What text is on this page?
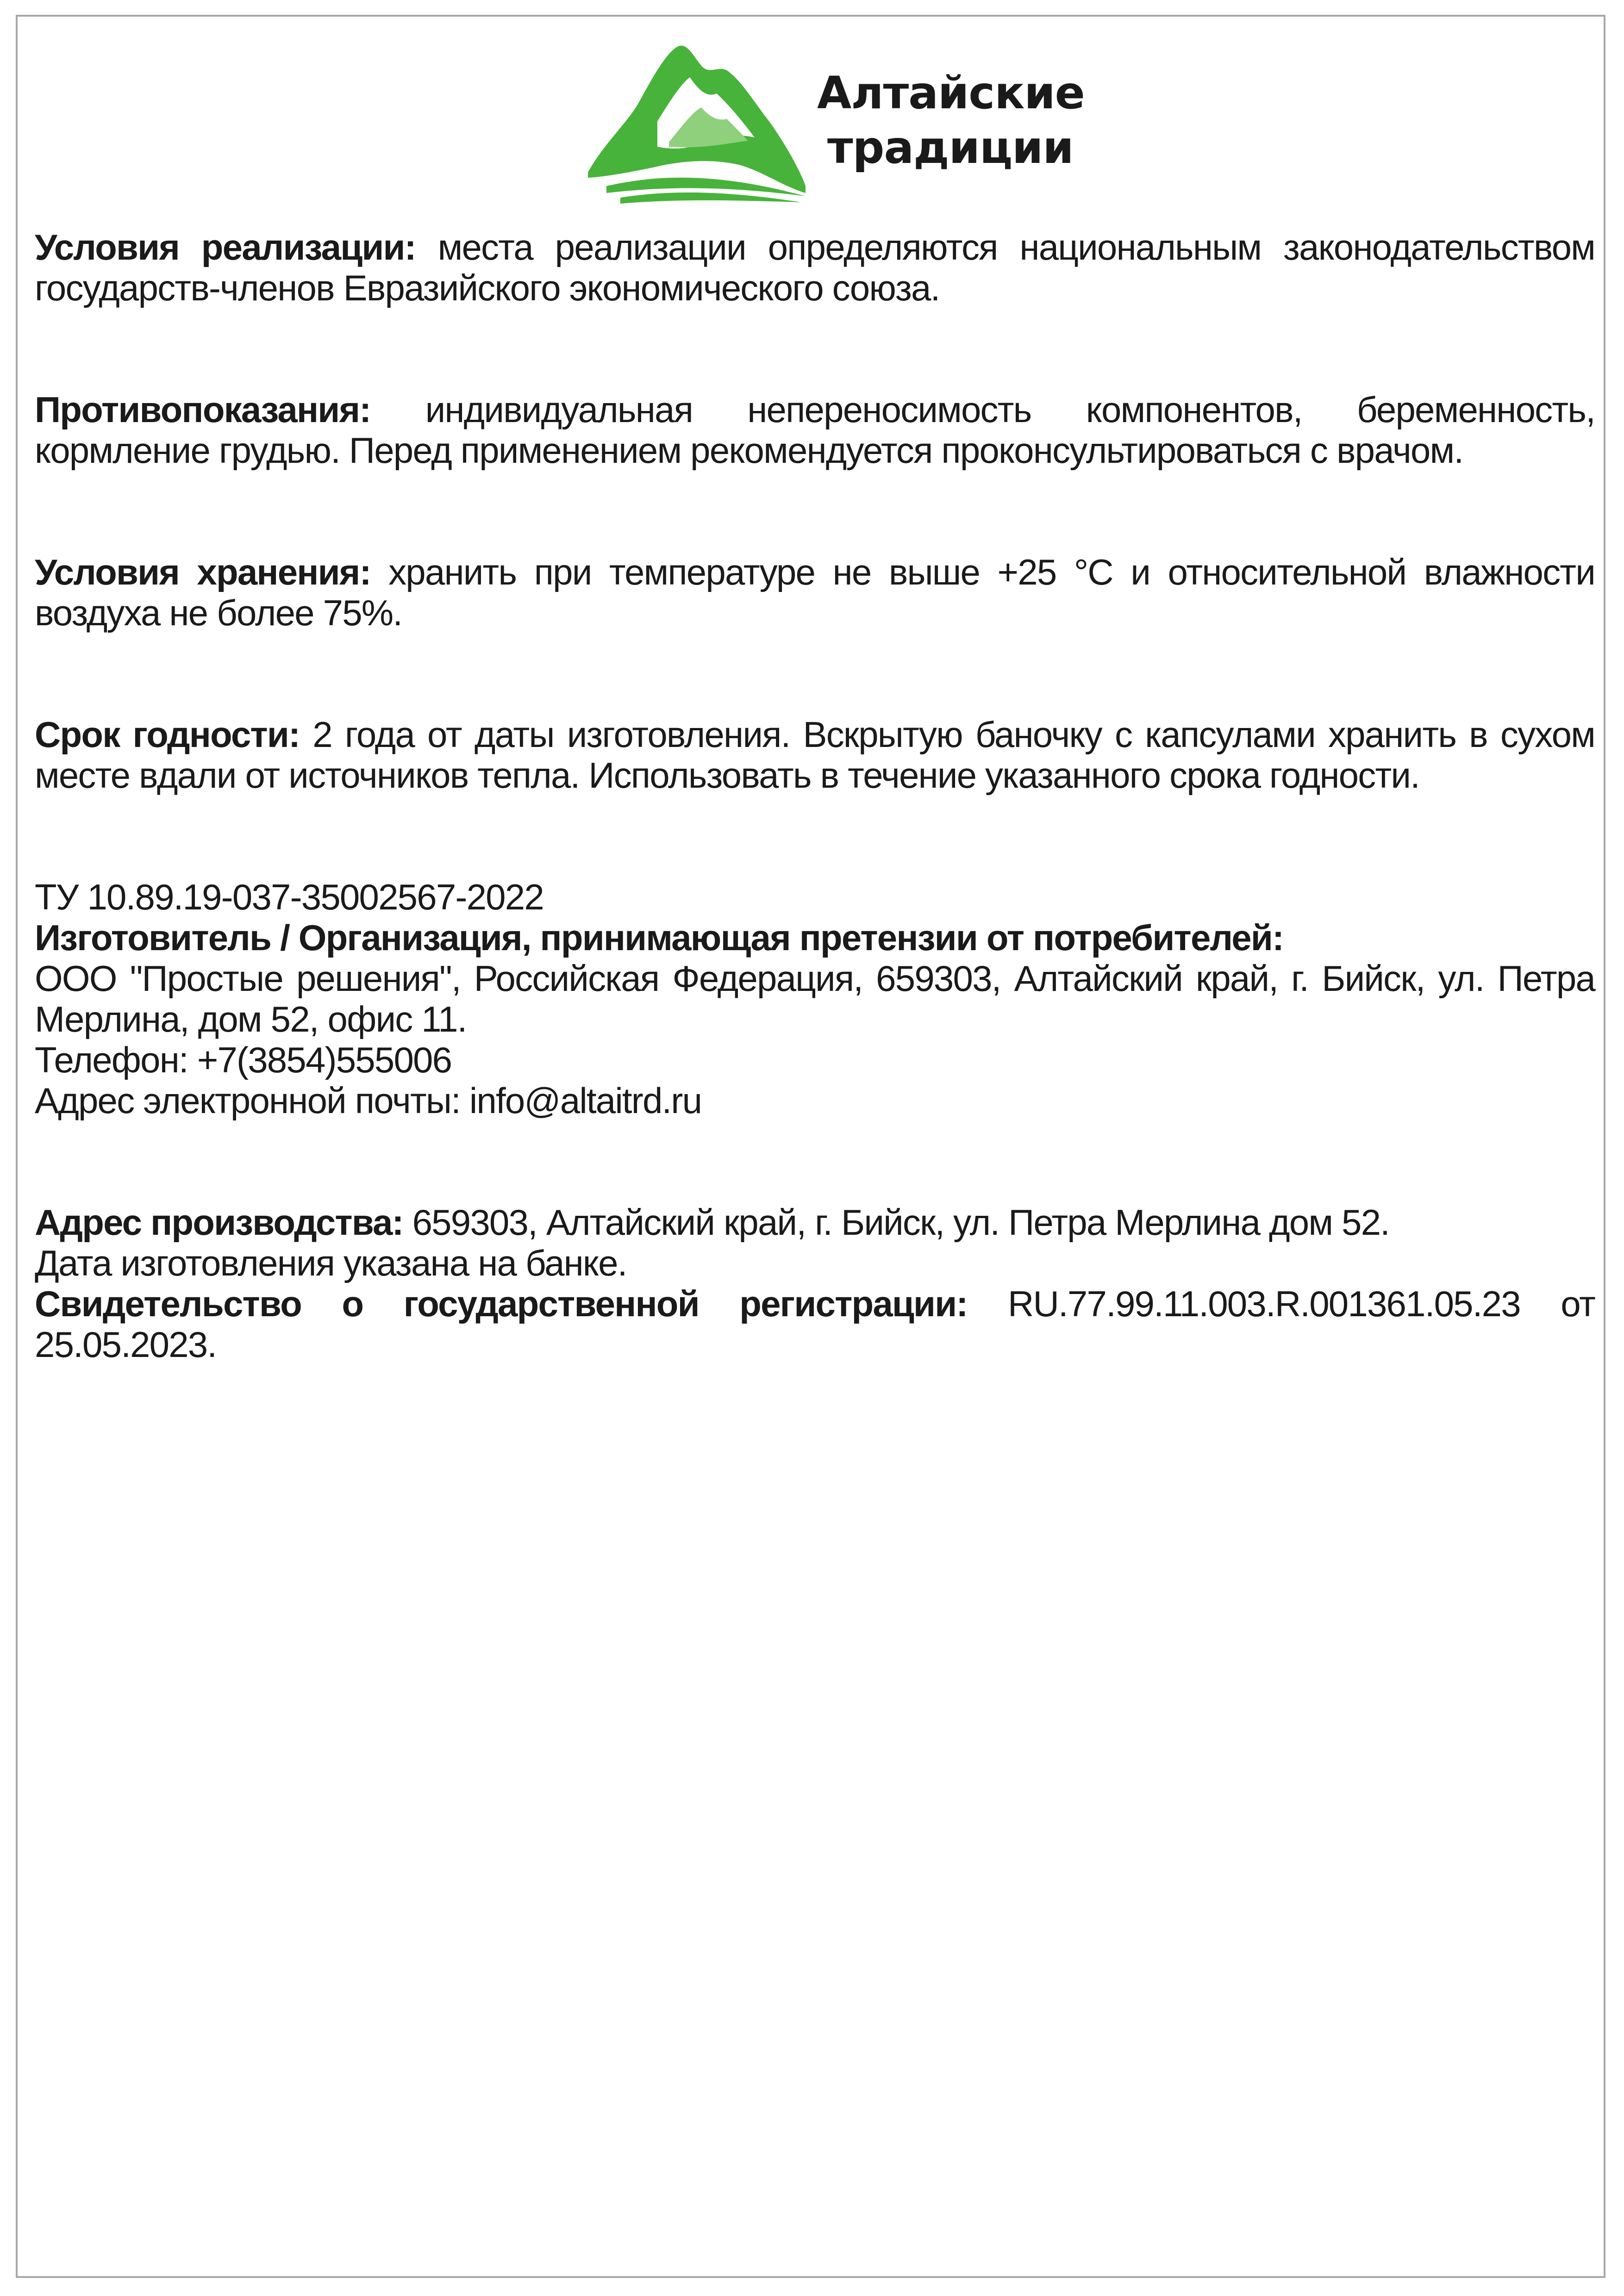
Алтайские
традиции
Условия реализации: места реализации определяются национальным законодательством государств-членов Евразийского экономического союза.
Противопоказания: индивидуальная непереносимость компонентов, беременность, кормление грудью. Перед применением рекомендуется проконсультироваться с врачом.
Условия хранения: хранить при температуре не выше +25 °C и относительной влажности воздуха не более 75%.
Срок годности: 2 года от даты изготовления. Вскрытую баночку с капсулами хранить в сухом месте вдали от источников тепла. Использовать в течение указанного срока годности.
ТУ 10.89.19-037-35002567-2022
Изготовитель / Организация, принимающая претензии от потребителей:
ООО "Простые решения", Российская Федерация, 659303, Алтайский край, г. Бийск, ул. Петра Мерлина, дом 52, офис 11.
Телефон: +7(3854)555006
Адрес электронной почты: info@altaitrd.ru
Адрес производства: 659303, Алтайский край, г. Бийск, ул. Петра Мерлина дом 52.
Дата изготовления указана на банке.
Свидетельство о государственной регистрации: RU.77.99.11.003.R.001361.05.23 от 25.05.2023.
